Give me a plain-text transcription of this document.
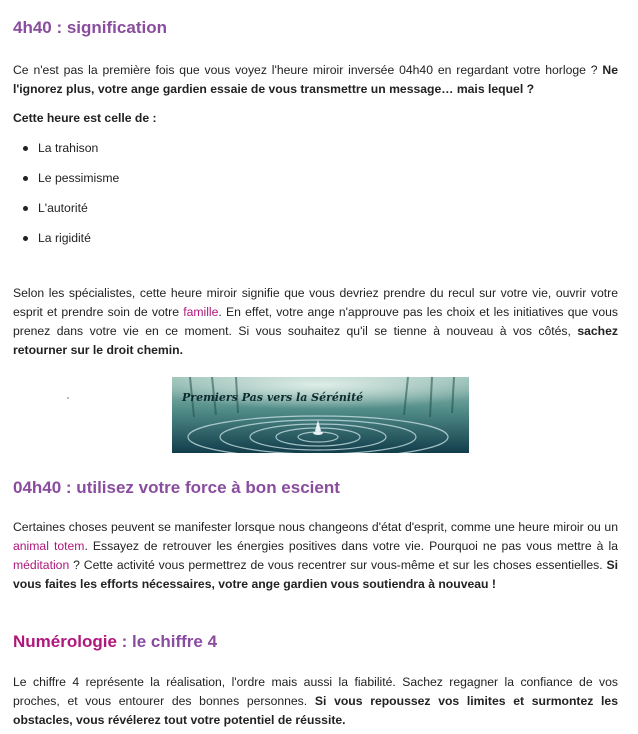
4h40 : signification

Ce n'est pas la première fois que vous voyez l'heure miroir inversée 04h40 en regardant votre horloge ? Ne l'ignorez plus, votre ange gardien essaie de vous transmettre un message… mais lequel ?

Cette heure est celle de :

La trahison
Le pessimisme
L'autorité
La rigidité

Selon les spécialistes, cette heure miroir signifie que vous devriez prendre du recul sur votre vie, ouvrir votre esprit et prendre soin de votre famille. En effet, votre ange n'approuve pas les choix et les initiatives que vous prenez dans votre vie en ce moment. Si vous souhaitez qu'il se tienne à nouveau à vos côtés, sachez retourner sur le droit chemin.

Premiers Pas vers la Sérénité
04h40 : utilisez votre force à bon escient

Certaines choses peuvent se manifester lorsque nous changeons d'état d'esprit, comme une heure miroir ou un animal totem. Essayez de retrouver les énergies positives dans votre vie. Pourquoi ne pas vous mettre à la méditation ? Cette activité vous permettrez de vous recentrer sur vous-même et sur les choses essentielles. Si vous faites les efforts nécessaires, votre ange gardien vous soutiendra à nouveau !

Numérologie : le chiffre 4

Le chiffre 4 représente la réalisation, l'ordre mais aussi la fiabilité. Sachez regagner la confiance de vos proches, et vous entourer des bonnes personnes. Si vous repoussez vos limites et surmontez les obstacles, vous révélerez tout votre potentiel de réussite.
